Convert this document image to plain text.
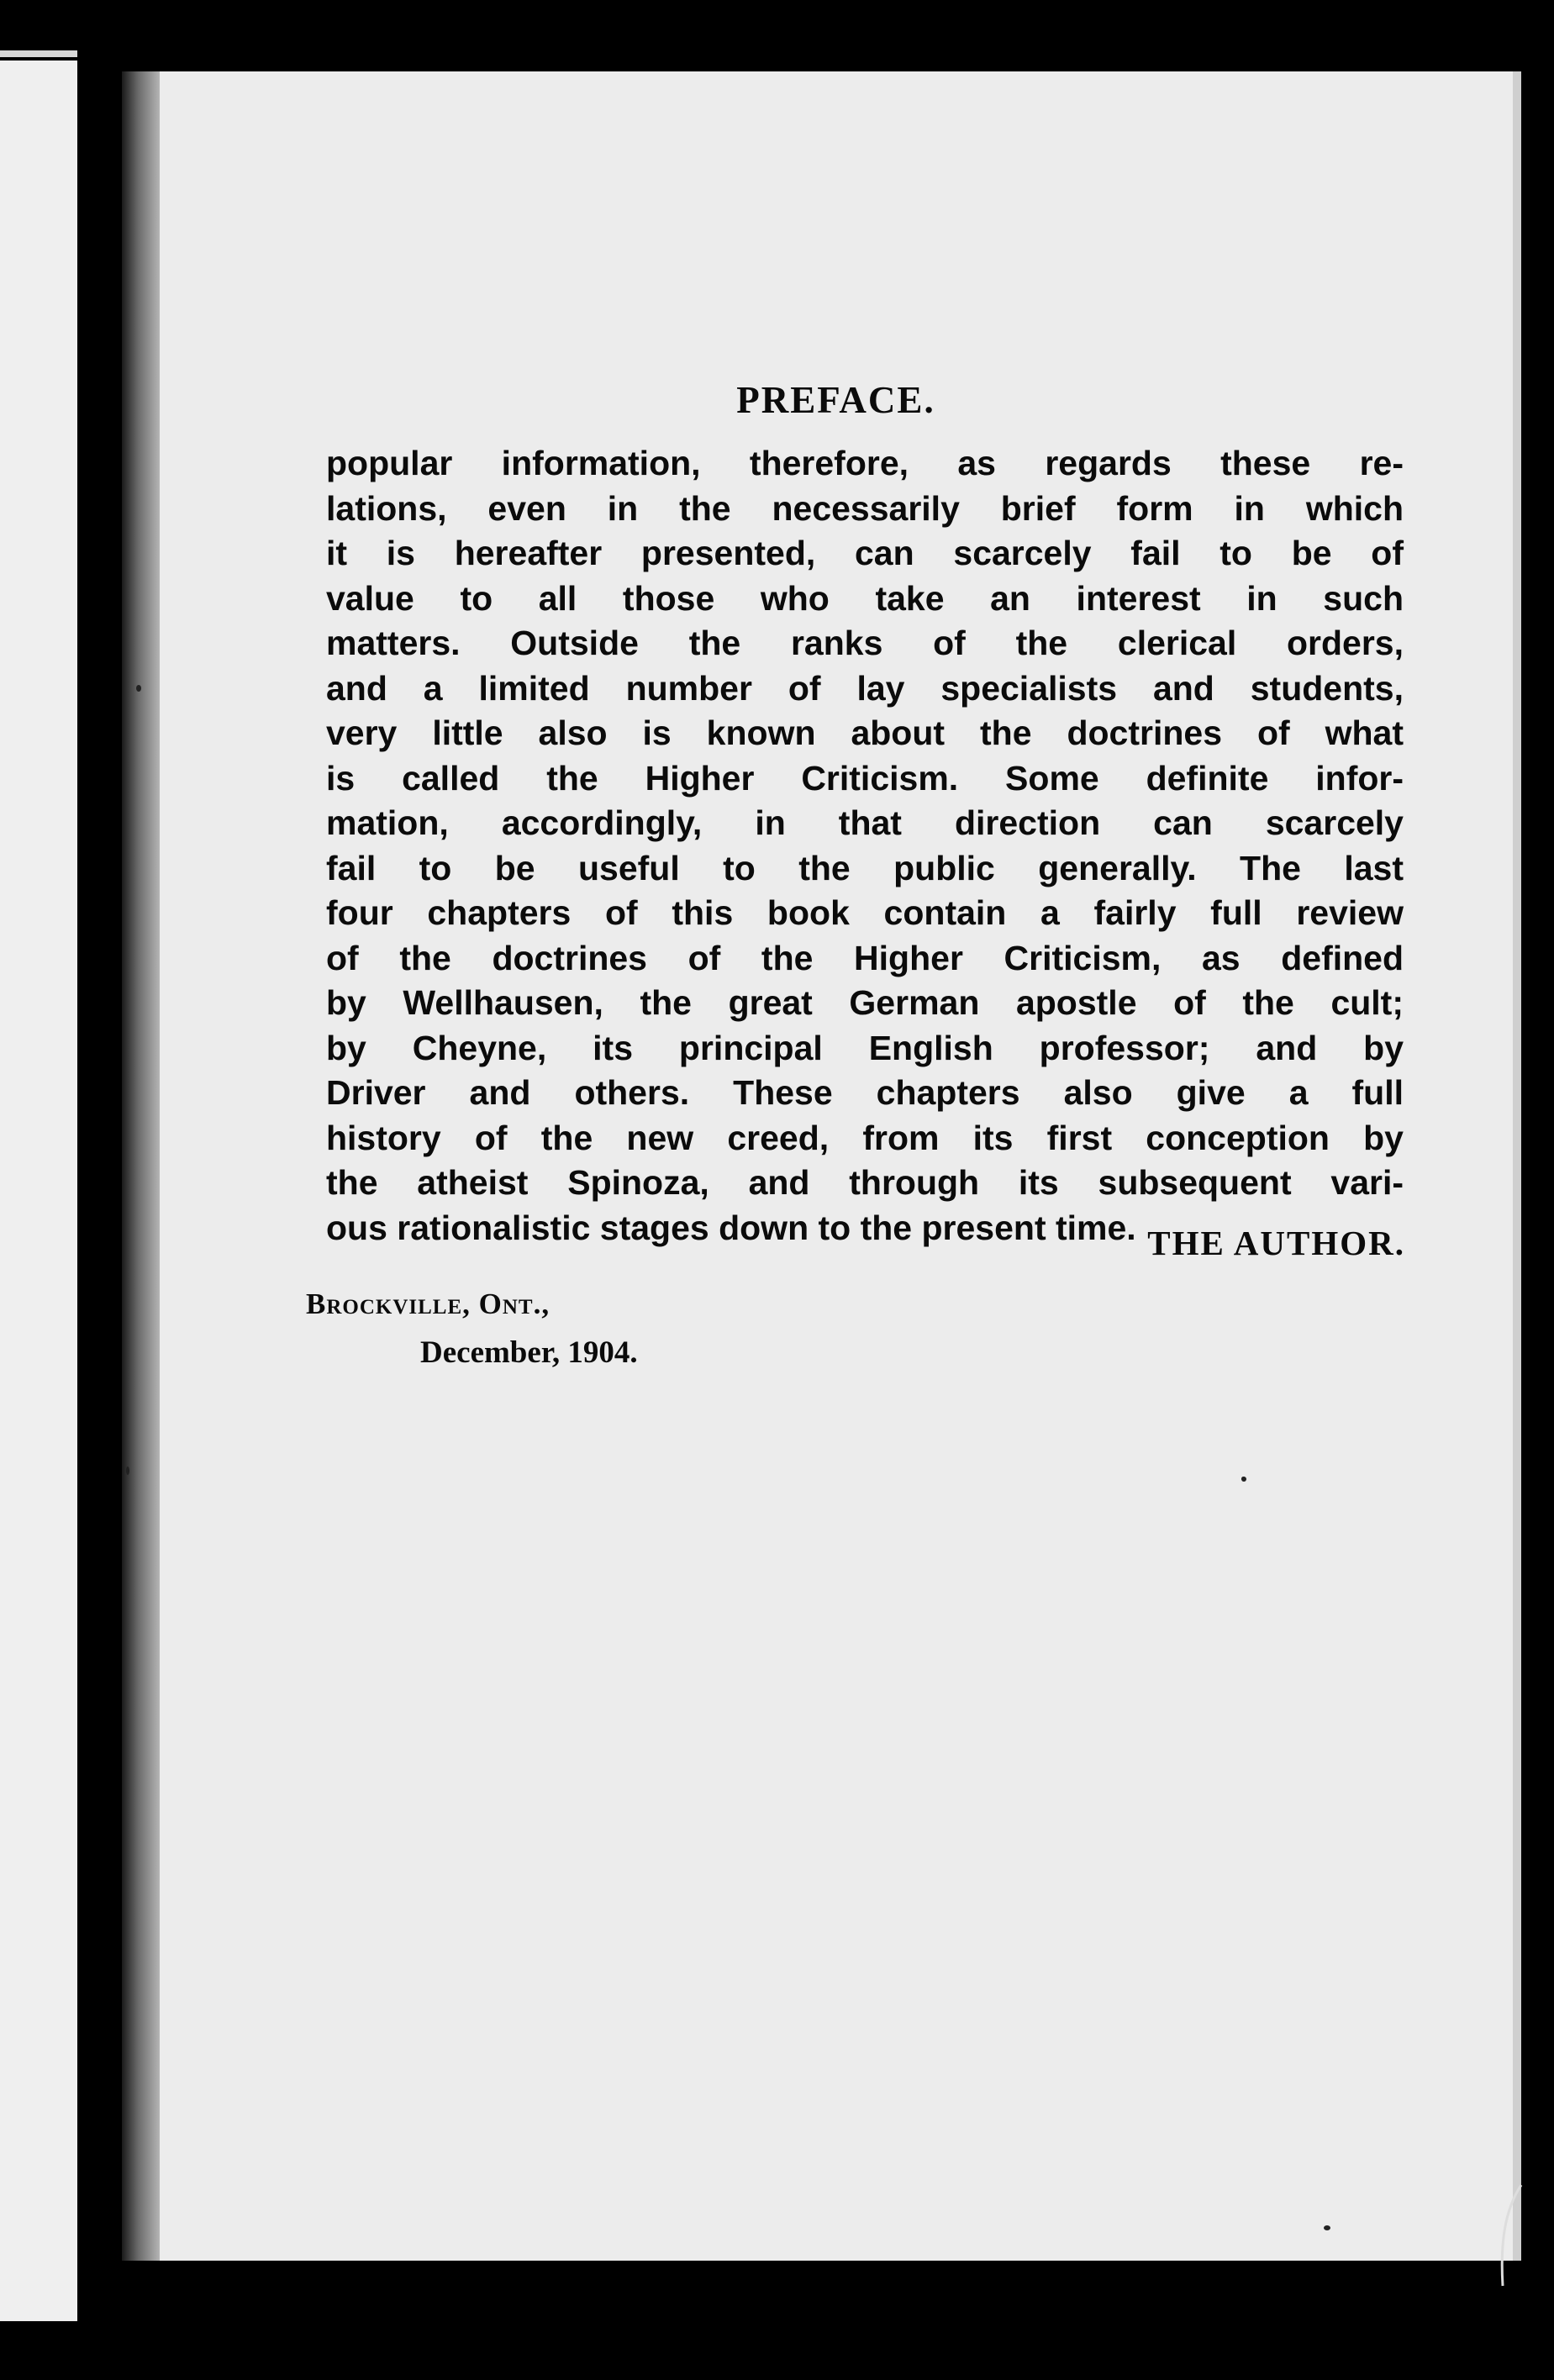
PREFACE.
popular information, therefore, as regards these re-
lations, even in the necessarily brief form in which
it is hereafter presented, can scarcely fail to be of
value to all those who take an interest in such
matters. Outside the ranks of the clerical orders,
and a limited number of lay specialists and students,
very little also is known about the doctrines of what
is called the Higher Criticism. Some definite infor-
mation, accordingly, in that direction can scarcely
fail to be useful to the public generally. The last
four chapters of this book contain a fairly full review
of the doctrines of the Higher Criticism, as defined
by Wellhausen, the great German apostle of the cult;
by Cheyne, its principal English professor; and by
Driver and others. These chapters also give a full
history of the new creed, from its first conception by
the atheist Spinoza, and through its subsequent vari-
ous rationalistic stages down to the present time. THE AUTHOR.
Brockville, Ont.,
December, 1904.
